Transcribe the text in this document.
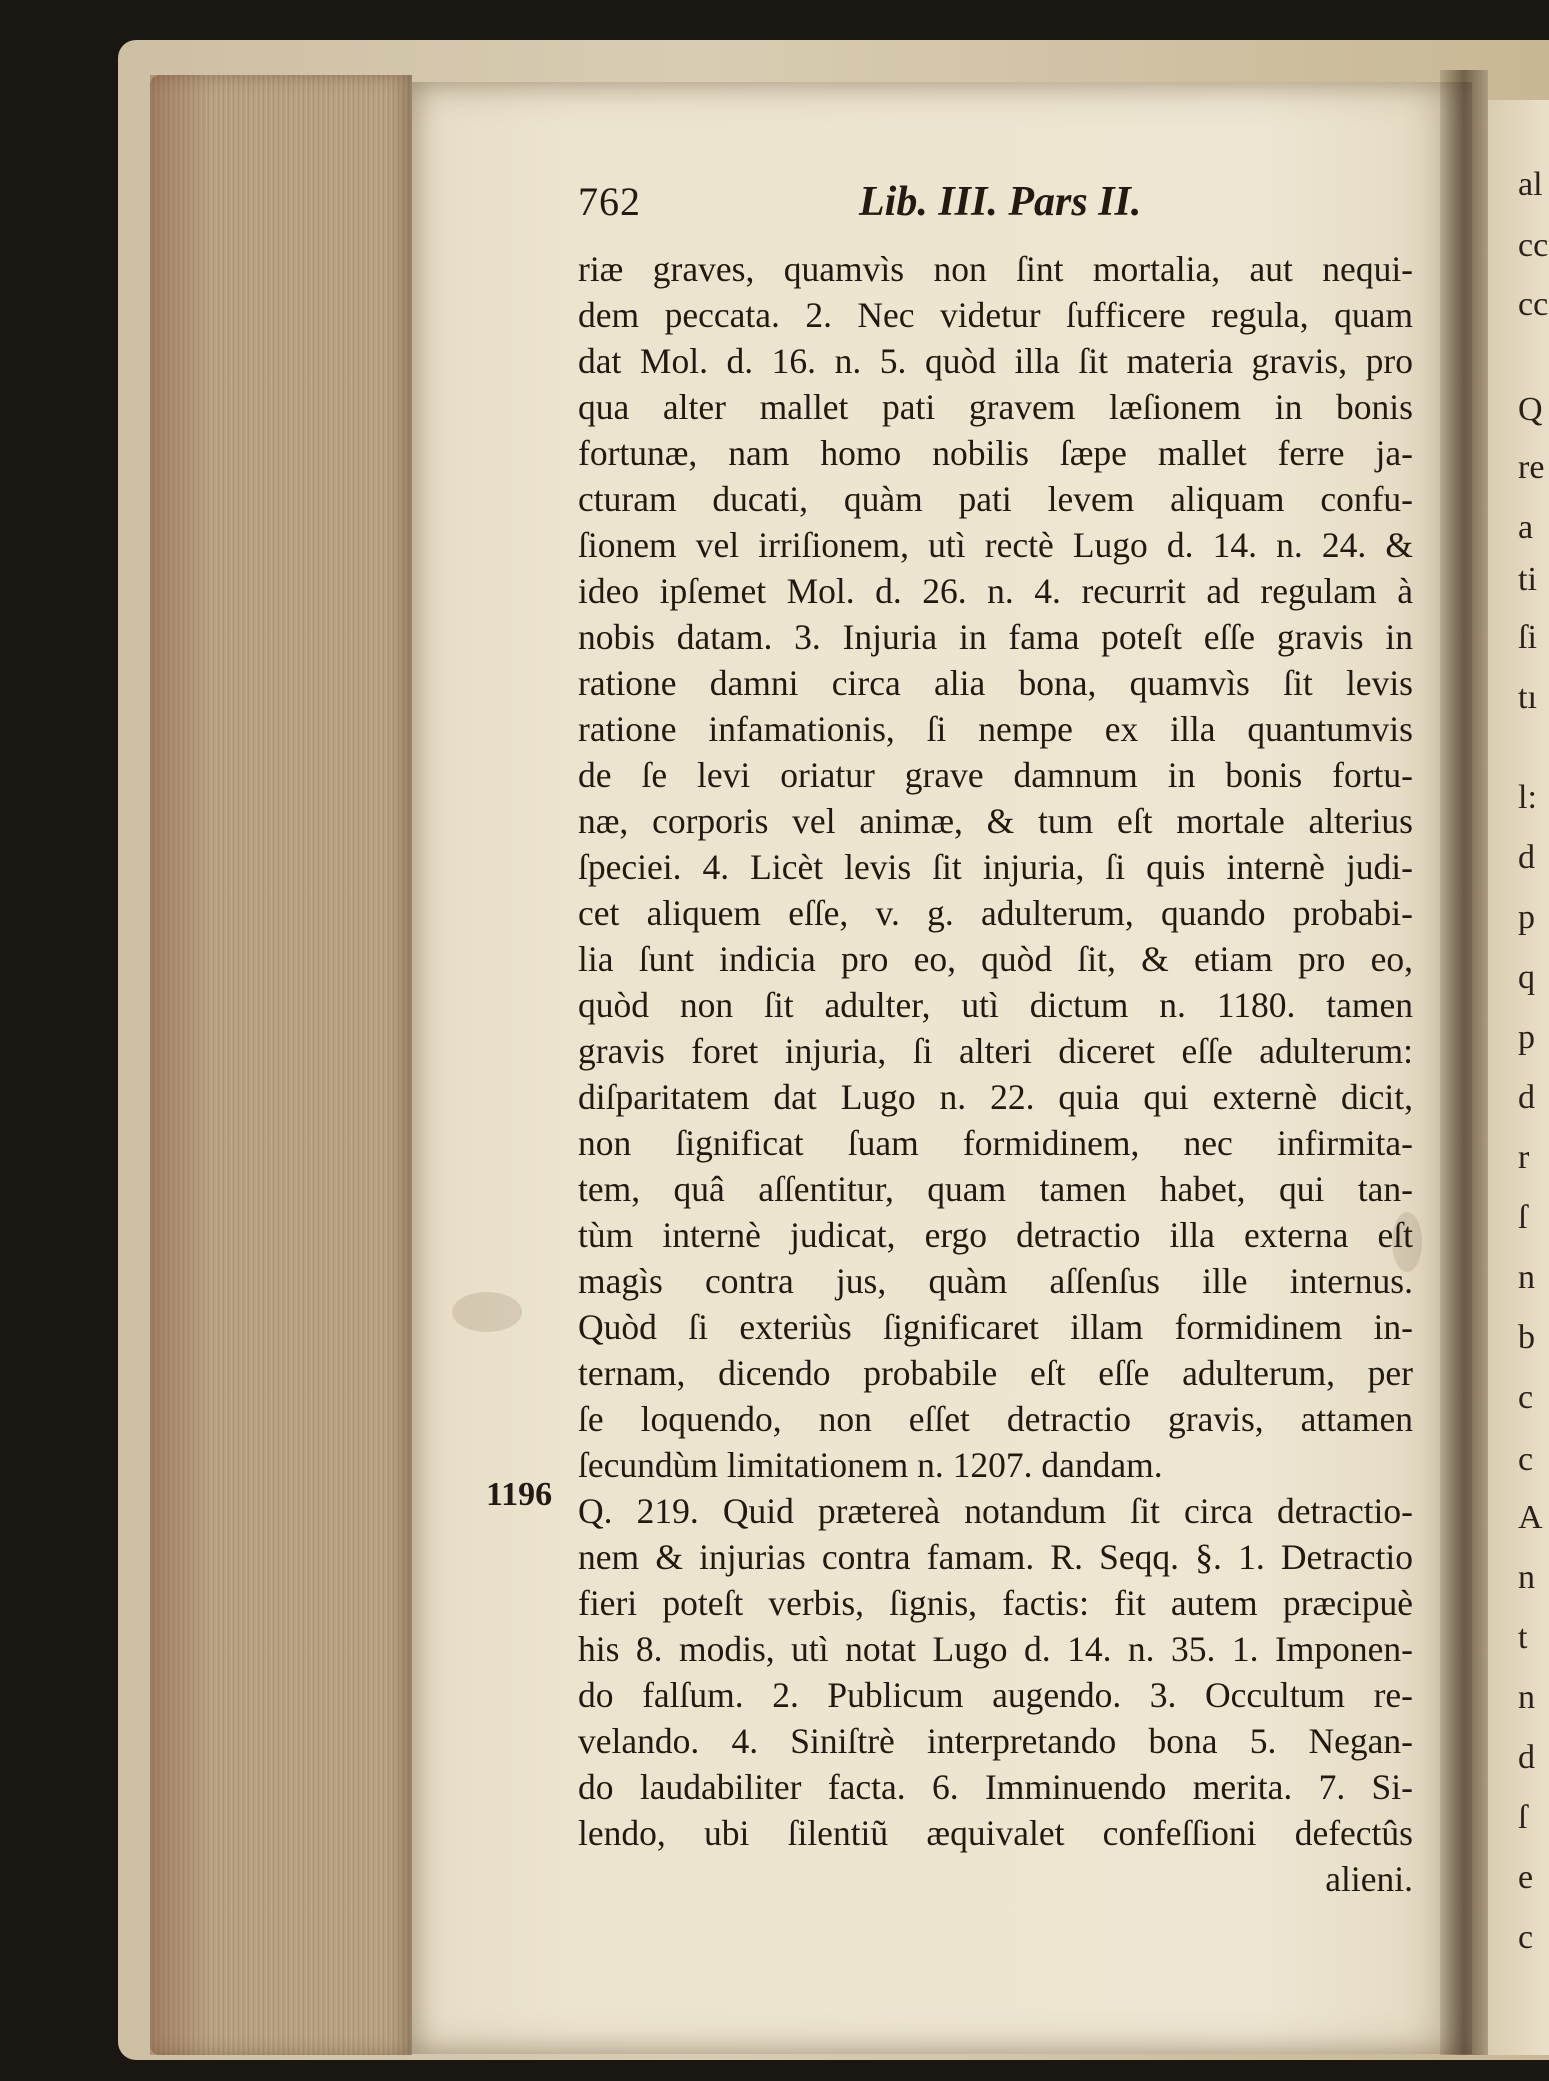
al
cc
cc
Q
re
a
ti
ſi
tı
l:
d
p
q
p
d
r
ſ
n
b
c
c
A
n
t
n
d
ſ
e
c
762	Lib. III. Pars II.
1196
riæ graves, quamvìs non ſint mortalia, aut nequi-
dem peccata. 2. Nec videtur ſufficere regula, quam
dat Mol. d. 16. n. 5. quòd illa ſit materia gravis, pro
qua alter mallet pati gravem læſionem in bonis
fortunæ, nam homo nobilis ſæpe mallet ferre ja-
cturam ducati, quàm pati levem aliquam confu-
ſionem vel irriſionem, utì rectè Lugo d. 14. n. 24. &
ideo ipſemet Mol. d. 26. n. 4. recurrit ad regulam à
nobis datam. 3. Injuria in fama poteſt eſſe gravis in
ratione damni circa alia bona, quamvìs ſit levis
ratione infamationis, ſi nempe ex illa quantumvis
de ſe levi oriatur grave damnum in bonis fortu-
næ, corporis vel animæ, & tum eſt mortale alterius
ſpeciei. 4. Licèt levis ſit injuria, ſi quis internè judi-
cet aliquem eſſe, v. g. adulterum, quando probabi-
lia ſunt indicia pro eo, quòd ſit, & etiam pro eo,
quòd non ſit adulter, utì dictum n. 1180. tamen
gravis foret injuria, ſi alteri diceret eſſe adulterum:
diſparitatem dat Lugo n. 22. quia qui externè dicit,
non ſignificat ſuam formidinem, nec infirmita-
tem, quâ aſſentitur, quam tamen habet, qui tan-
tùm internè judicat, ergo detractio illa externa eſt
magìs contra jus, quàm aſſenſus ille internus.
Quòd ſi exteriùs ſignificaret illam formidinem in-
ternam, dicendo probabile eſt eſſe adulterum, per
ſe loquendo, non eſſet detractio gravis, attamen
ſecundùm limitationem n. 1207. dandam.
Q. 219. Quid prætereà notandum ſit circa detractio-
nem & injurias contra famam. R. Seqq. §. 1. Detractio
fieri poteſt verbis, ſignis, factis: fit autem præcipuè
his 8. modis, utì notat Lugo d. 14. n. 35. 1. Imponen-
do falſum. 2. Publicum augendo. 3. Occultum re-
velando. 4. Siniſtrè interpretando bona 5. Negan-
do laudabiliter facta. 6. Imminuendo merita. 7. Si-
lendo, ubi ſilentiũ æquivalet confeſſioni defectûs
alieni.
